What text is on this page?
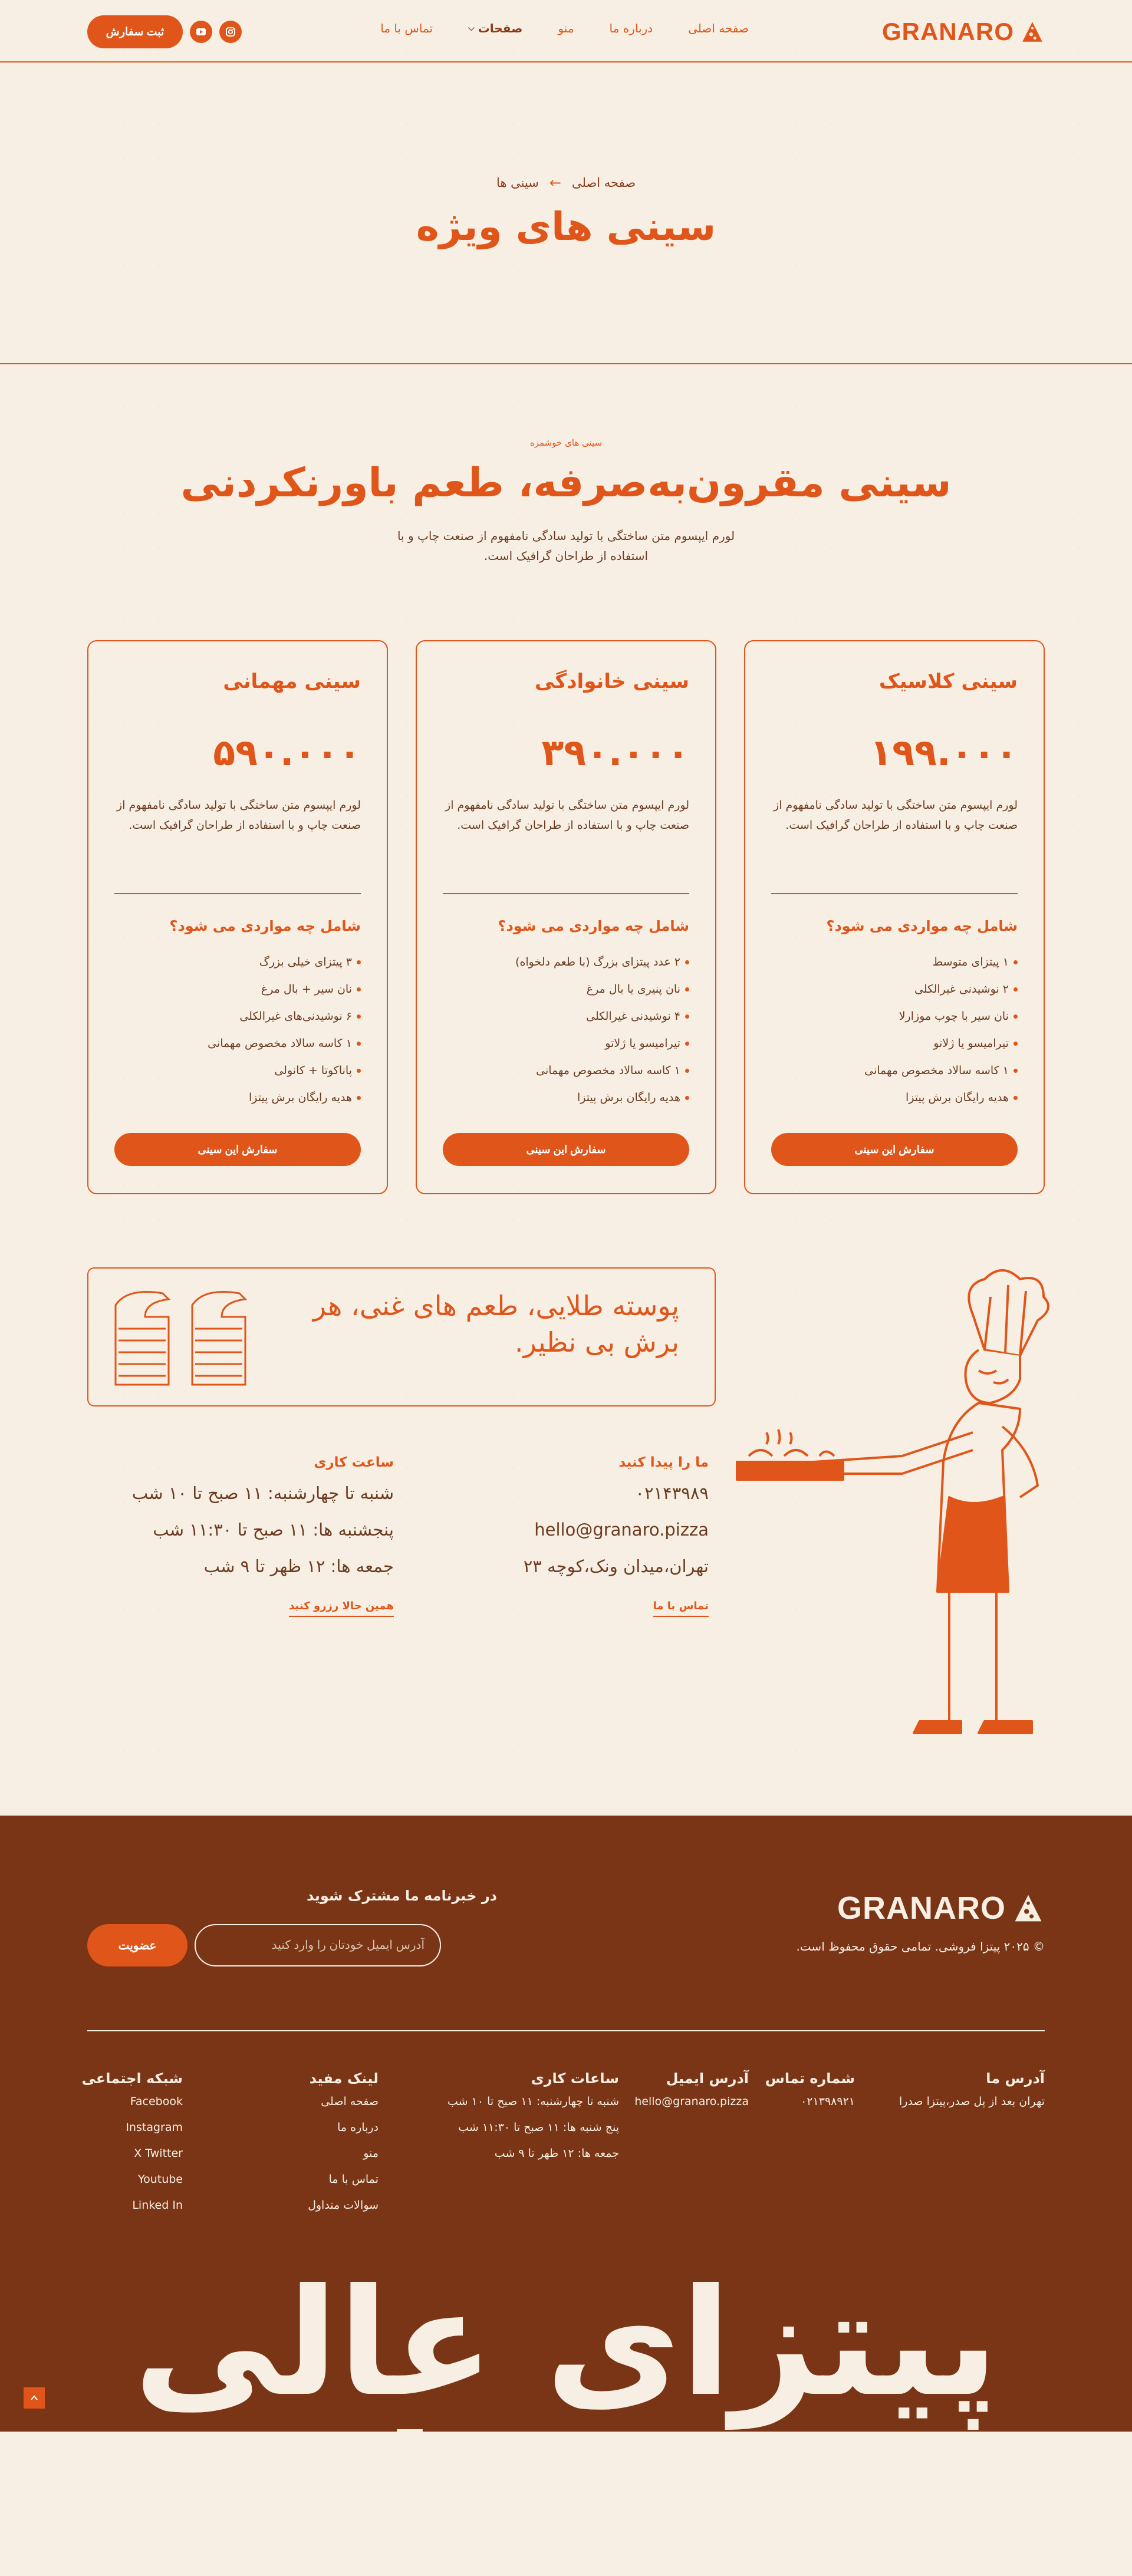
GRANARO
صفحه اصلی
درباره ما
منو
صفحات
⌵
تماس با ما
ثبت سفارش
صفحه اصلی
←
سینی ها
سینی های ویژه
سینی های خوشمزه
سینی مقرون‌به‌صرفه، طعم باورنکردنی

لورم ایپسوم متن ساختگی با تولید سادگی نامفهوم از صنعت چاپ و با استفاده از طراحان گرافیک است.

سینی کلاسیک
۱۹۹.۰۰۰

لورم ایپسوم متن ساختگی با تولید سادگی نامفهوم از صنعت چاپ و با استفاده از طراحان گرافیک است.

شامل چه مواردی می شود؟
۱ پیتزای متوسط
۲ نوشیدنی غیرالکلی
نان سیر با چوب موزارلا
تیرامیسو یا ژلاتو
۱ کاسه سالاد مخصوص مهمانی
هدیه رایگان برش پیتزا
سفارش این سینی
سینی خانوادگی
۳۹۰.۰۰۰

لورم ایپسوم متن ساختگی با تولید سادگی نامفهوم از صنعت چاپ و با استفاده از طراحان گرافیک است.

شامل چه مواردی می شود؟
۲ عدد پیتزای بزرگ (با طعم دلخواه)
نان پنیری یا بال مرغ
۴ نوشیدنی غیرالکلی
تیرامیسو یا ژلاتو
۱ کاسه سالاد مخصوص مهمانی
هدیه رایگان برش پیتزا
سفارش این سینی
سینی مهمانی
۵۹۰.۰۰۰

لورم ایپسوم متن ساختگی با تولید سادگی نامفهوم از صنعت چاپ و با استفاده از طراحان گرافیک است.

شامل چه مواردی می شود؟
۳ پیتزای خیلی بزرگ
نان سیر + بال مرغ
۶ نوشیدنی‌های غیرالکلی
۱ کاسه سالاد مخصوص مهمانی
پاناکوتا + کانولی
هدیه رایگان برش پیتزا
سفارش این سینی

پوسته طلایی، طعم های غنی، هر برش بی نظیر.

ما را پیدا کنید
۰۲۱۴۳۹۸۹
hello@granaro.pizza
تهران،میدان ونک،کوچه ۲۳
تماس با ما
ساعت کاری
شنبه تا چهارشنبه: ۱۱ صبح تا ۱۰ شب
پنجشنبه ها: ۱۱ صبح تا ۱۱:۳۰ شب
جمعه ها: ۱۲ ظهر تا ۹ شب
همین حالا رزرو کنید
GRANARO
© ۲۰۲۵ پیتزا فروشی. تمامی حقوق محفوظ است.
در خبرنامه ما مشترک شوید
آدرس ایمیل خودتان را وارد کنید
عضویت
آدرس ما
تهران بعد از پل صدر،پیتزا صدرا
شماره تماس
۰۲۱۳۹۸۹۲۱
آدرس ایمیل
hello@granaro.pizza
ساعات کاری
شنبه تا چهارشنبه: ۱۱ صبح تا ۱۰ شب
پنج شنبه ها: ۱۱ صبح تا ۱۱:۳۰ شب
جمعه ها: ۱۲ ظهر تا ۹ شب
لینک مفید
صفحه اصلی
درباره ما
منو
تماس با ما
سوالات متداول
شبکه اجتماعی
Facebook
Instagram
X Twitter
Youtube
Linked In
پیتزای عالی صدرا
